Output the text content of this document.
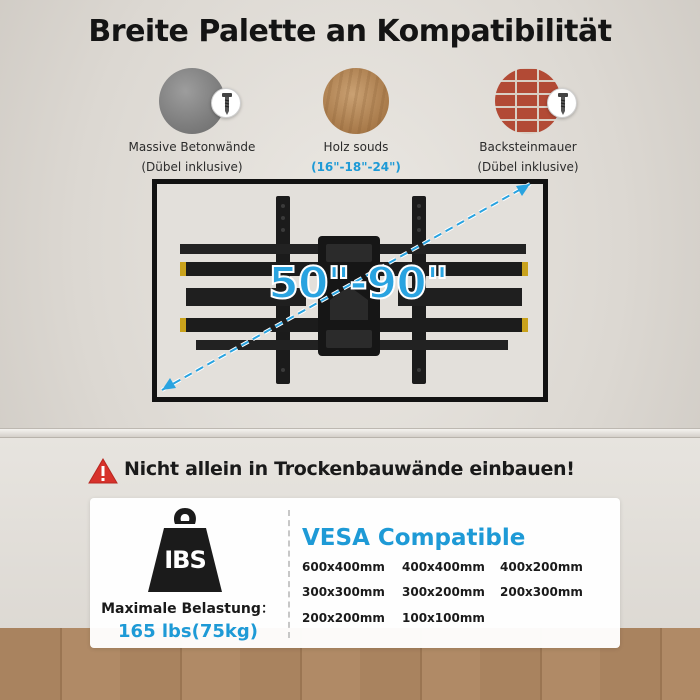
Breite Palette an Kompatibilität
Massive Betonwände
(Dübel inklusive)
Holz souds
(16"-18"-24")
Backsteinmauer
(Dübel inklusive)
50"-90"
Nicht allein in Trockenbauwände einbauen!
IBS
Maximale Belastung：
165 lbs(75kg)
VESA Compatible
600x400mm 400x400mm 400x200mm
300x300mm 300x200mm 200x300mm
200x200mm 100x100mm
